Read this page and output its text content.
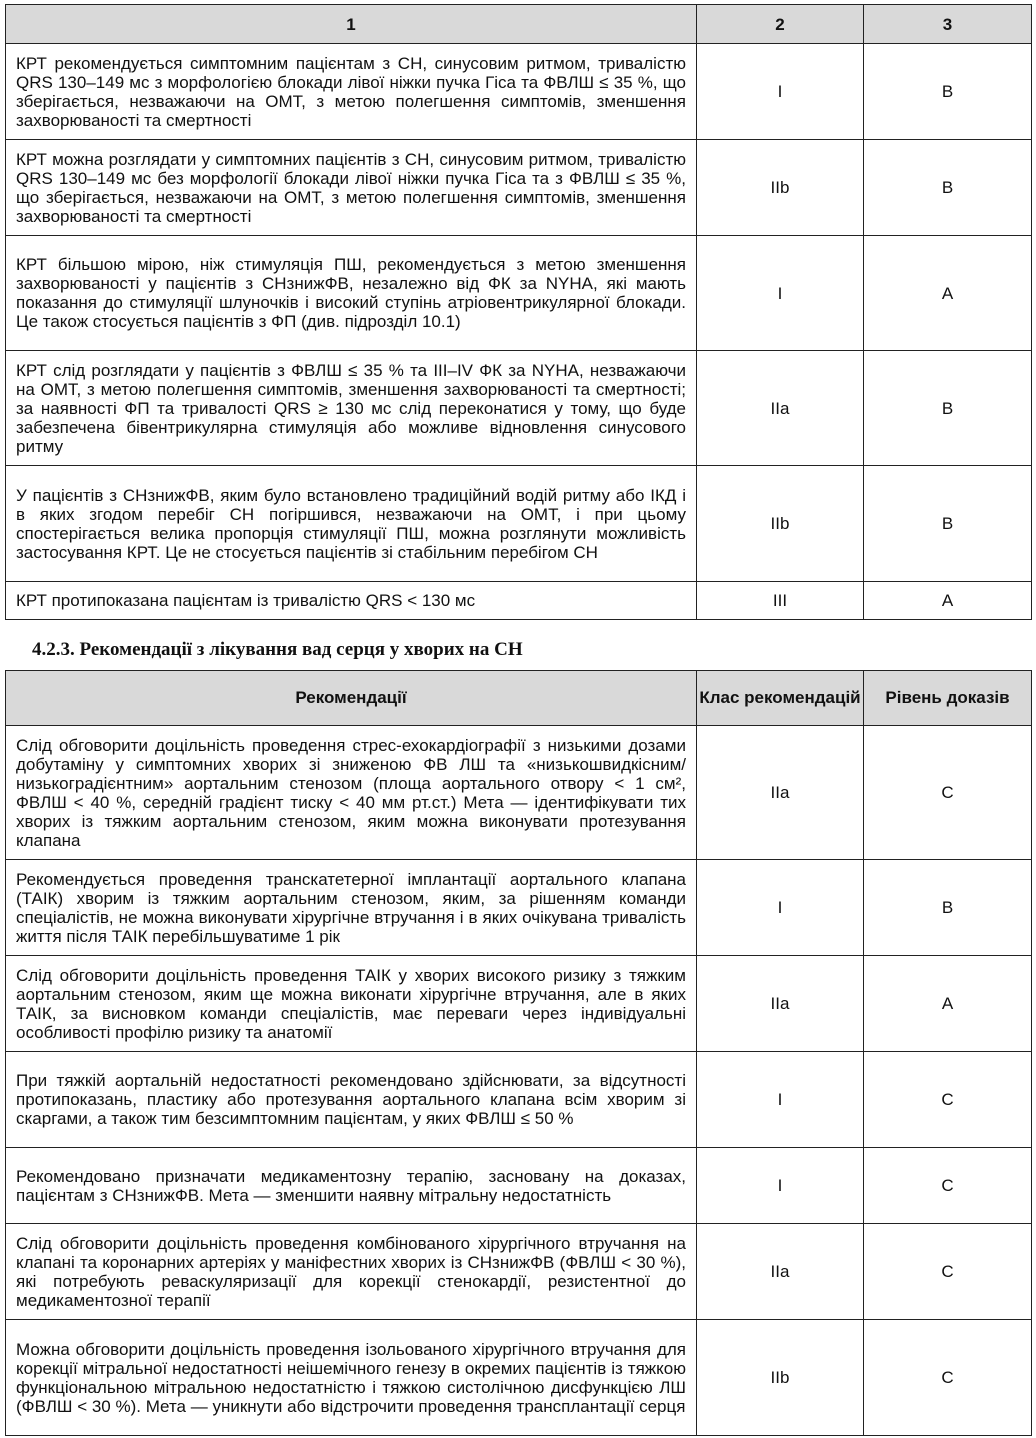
1	2	3
КРТ рекомендується симптомним пацієнтам з СН, синусовим ритмом, тривалістю QRS 130–149 мс з морфологією блокади лівої ніжки пучка Гіса та ФВЛШ ≤ 35 %, що зберігається, незважаючи на ОМТ, з метою полегшення симптомів, зменшення захворюваності та смертності	I	B
КРТ можна розглядати у симптомних пацієнтів з СН, синусовим ритмом, тривалістю QRS 130–149 мс без морфології блокади лівої ніжки пучка Гіса та з ФВЛШ ≤ 35 %, що зберігається, незважаючи на ОМТ, з метою полегшення симптомів, зменшення захворюваності та смертності	IIb	B
КРТ більшою мірою, ніж стимуляція ПШ, рекомендується з метою зменшення захворюваності у пацієнтів з СНзнижФВ, незалежно від ФК за NYHA, які мають показання до стимуляції шлуночків і високий ступінь атріовентрикулярної блокади. Це також стосується пацієнтів з ФП (див. підрозділ 10.1)	I	A
КРТ слід розглядати у пацієнтів з ФВЛШ ≤ 35 % та III–IV ФК за NYHA, незважаючи на ОМТ, з метою полегшення симптомів, зменшення захворюваності та смертності; за наявності ФП та тривалості QRS ≥ 130 мс слід переконатися у тому, що буде забезпечена бівентрикулярна стимуляція або можливе відновлення синусового ритму	IIa	B
У пацієнтів з СНзнижФВ, яким було встановлено традиційний водій ритму або ІКД і в яких згодом перебіг СН погіршився, незважаючи на ОМТ, і при цьому спостерігається велика пропорція стимуляції ПШ, можна розглянути можливість застосування КРТ. Це не стосується пацієнтів зі стабільним перебігом СН	IIb	B
КРТ протипоказана пацієнтам із тривалістю QRS < 130 мс	III	A
4.2.3. Рекомендації з лікування вад серця у хворих на СН
Рекомендації	Клас рекомендацій	Рівень доказів
Слід обговорити доцільність проведення стрес-ехокардіографії з низькими дозами добутаміну у симптомних хворих зі зниженою ФВ ЛШ та «низькошвидкісним/низькоградієнтним» аортальним стенозом (площа аортального отвору < 1 см², ФВЛШ < 40 %, середній градієнт тиску < 40 мм рт.ст.) Мета — ідентифікувати тих хворих із тяжким аортальним стенозом, яким можна виконувати протезування клапана	IIa	C
Рекомендується проведення транскатетерної імплантації аортального клапана (ТАІК) хворим із тяжким аортальним стенозом, яким, за рішенням команди спеціалістів, не можна виконувати хірургічне втручання і в яких очікувана тривалість життя після ТАІК перебільшуватиме 1 рік	I	B
Слід обговорити доцільність проведення ТАІК у хворих високого ризику з тяжким аортальним стенозом, яким ще можна виконати хірургічне втручання, але в яких ТАІК, за висновком команди спеціалістів, має переваги через індивідуальні особливості профілю ризику та анатомії	IIa	A
При тяжкій аортальній недостатності рекомендовано здійснювати, за відсутності протипоказань, пластику або протезування аортального клапана всім хворим зі скаргами, а також тим безсимптомним пацієнтам, у яких ФВЛШ ≤ 50 %	I	C
Рекомендовано призначати медикаментозну терапію, засновану на доказах, пацієнтам з СНзнижФВ. Мета — зменшити наявну мітральну недостатність	I	C
Слід обговорити доцільність проведення комбінованого хірургічного втручання на клапані та коронарних артеріях у маніфестних хворих із СНзнижФВ (ФВЛШ < 30 %), які потребують реваскуляризації для корекції стенокардії, резистентної до медикаментозної терапії	IIa	C
Можна обговорити доцільність проведення ізольованого хірургічного втручання для корекції мітральної недостатності неішемічного генезу в окремих пацієнтів із тяжкою функціональною мітральною недостатністю і тяжкою систолічною дисфункцією ЛШ (ФВЛШ < 30 %). Мета — уникнути або відстрочити проведення трансплантації серця	IIb	C
